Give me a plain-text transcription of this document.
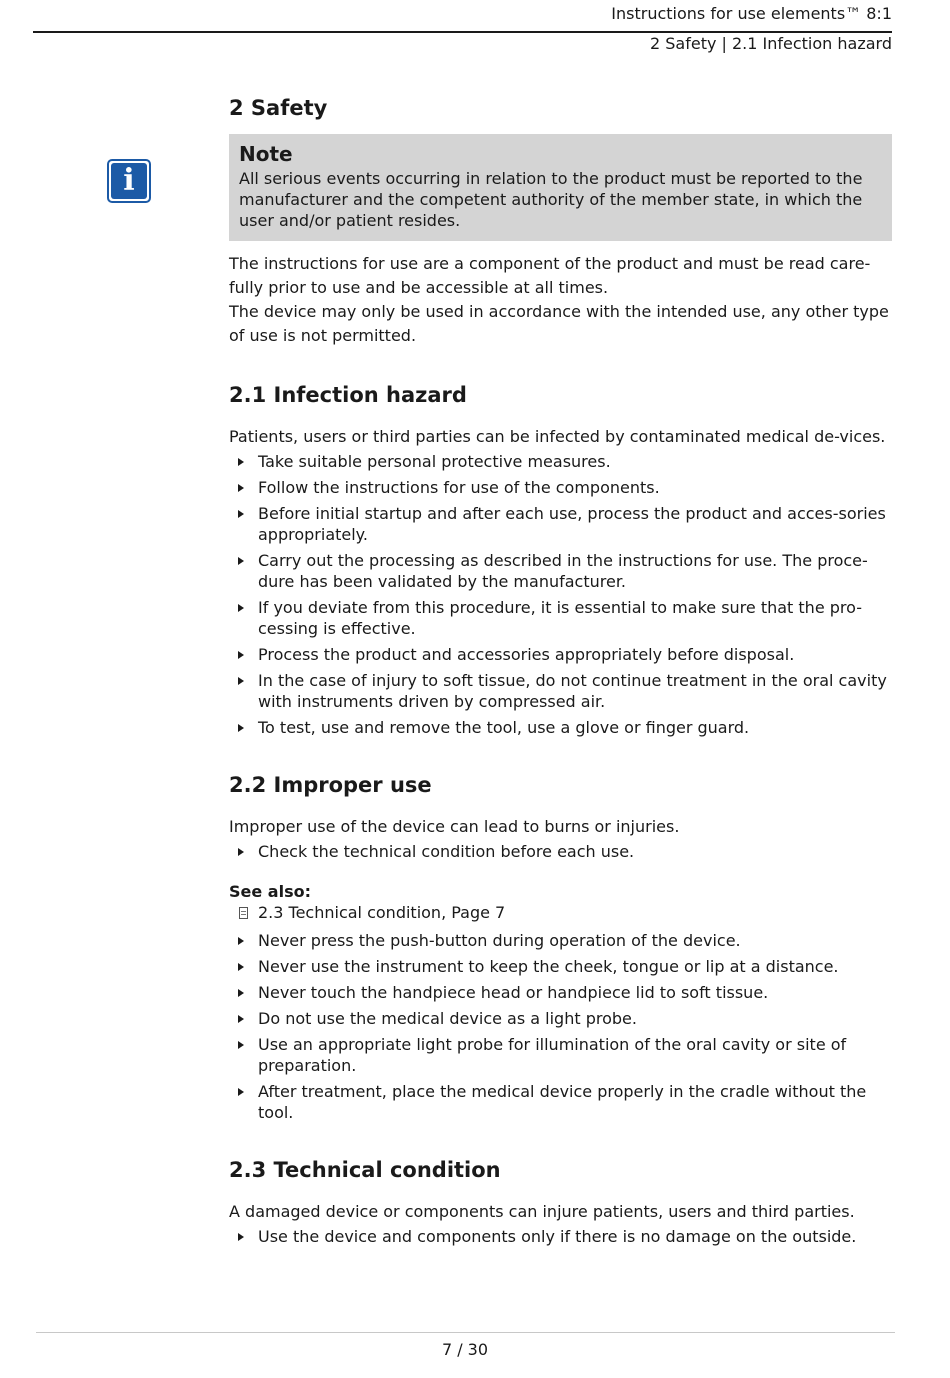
Instructions for use elements™ 8:1
2 Safety | 2.1 Infection hazard
i
2 Safety
Note
All serious events occurring in relation to the product must be reported to the manufacturer and the competent authority of the member state, in which the user and/or patient resides.

The instructions for use are a component of the product and must be read care-fully prior to use and be accessible at all times.

The device may only be used in accordance with the intended use, any other type of use is not permitted.

2.1 Infection hazard

Patients, users or third parties can be infected by contaminated medical de-vices.

Take suitable personal protective measures.
Follow the instructions for use of the components.
Before initial startup and after each use, process the product and acces-sories appropriately.
Carry out the processing as described in the instructions for use. The proce-dure has been validated by the manufacturer.
If you deviate from this procedure, it is essential to make sure that the pro-cessing is effective.
Process the product and accessories appropriately before disposal.
In the case of injury to soft tissue, do not continue treatment in the oral cavity with instruments driven by compressed air.
To test, use and remove the tool, use a glove or finger guard.
2.2 Improper use

Improper use of the device can lead to burns or injuries.

Check the technical condition before each use.
See also:
2.3 Technical condition, Page 7
Never press the push-button during operation of the device.
Never use the instrument to keep the cheek, tongue or lip at a distance.
Never touch the handpiece head or handpiece lid to soft tissue.
Do not use the medical device as a light probe.
Use an appropriate light probe for illumination of the oral cavity or site of preparation.
After treatment, place the medical device properly in the cradle without the tool.
2.3 Technical condition

A damaged device or components can injure patients, users and third parties.

Use the device and components only if there is no damage on the outside.
7 / 30
